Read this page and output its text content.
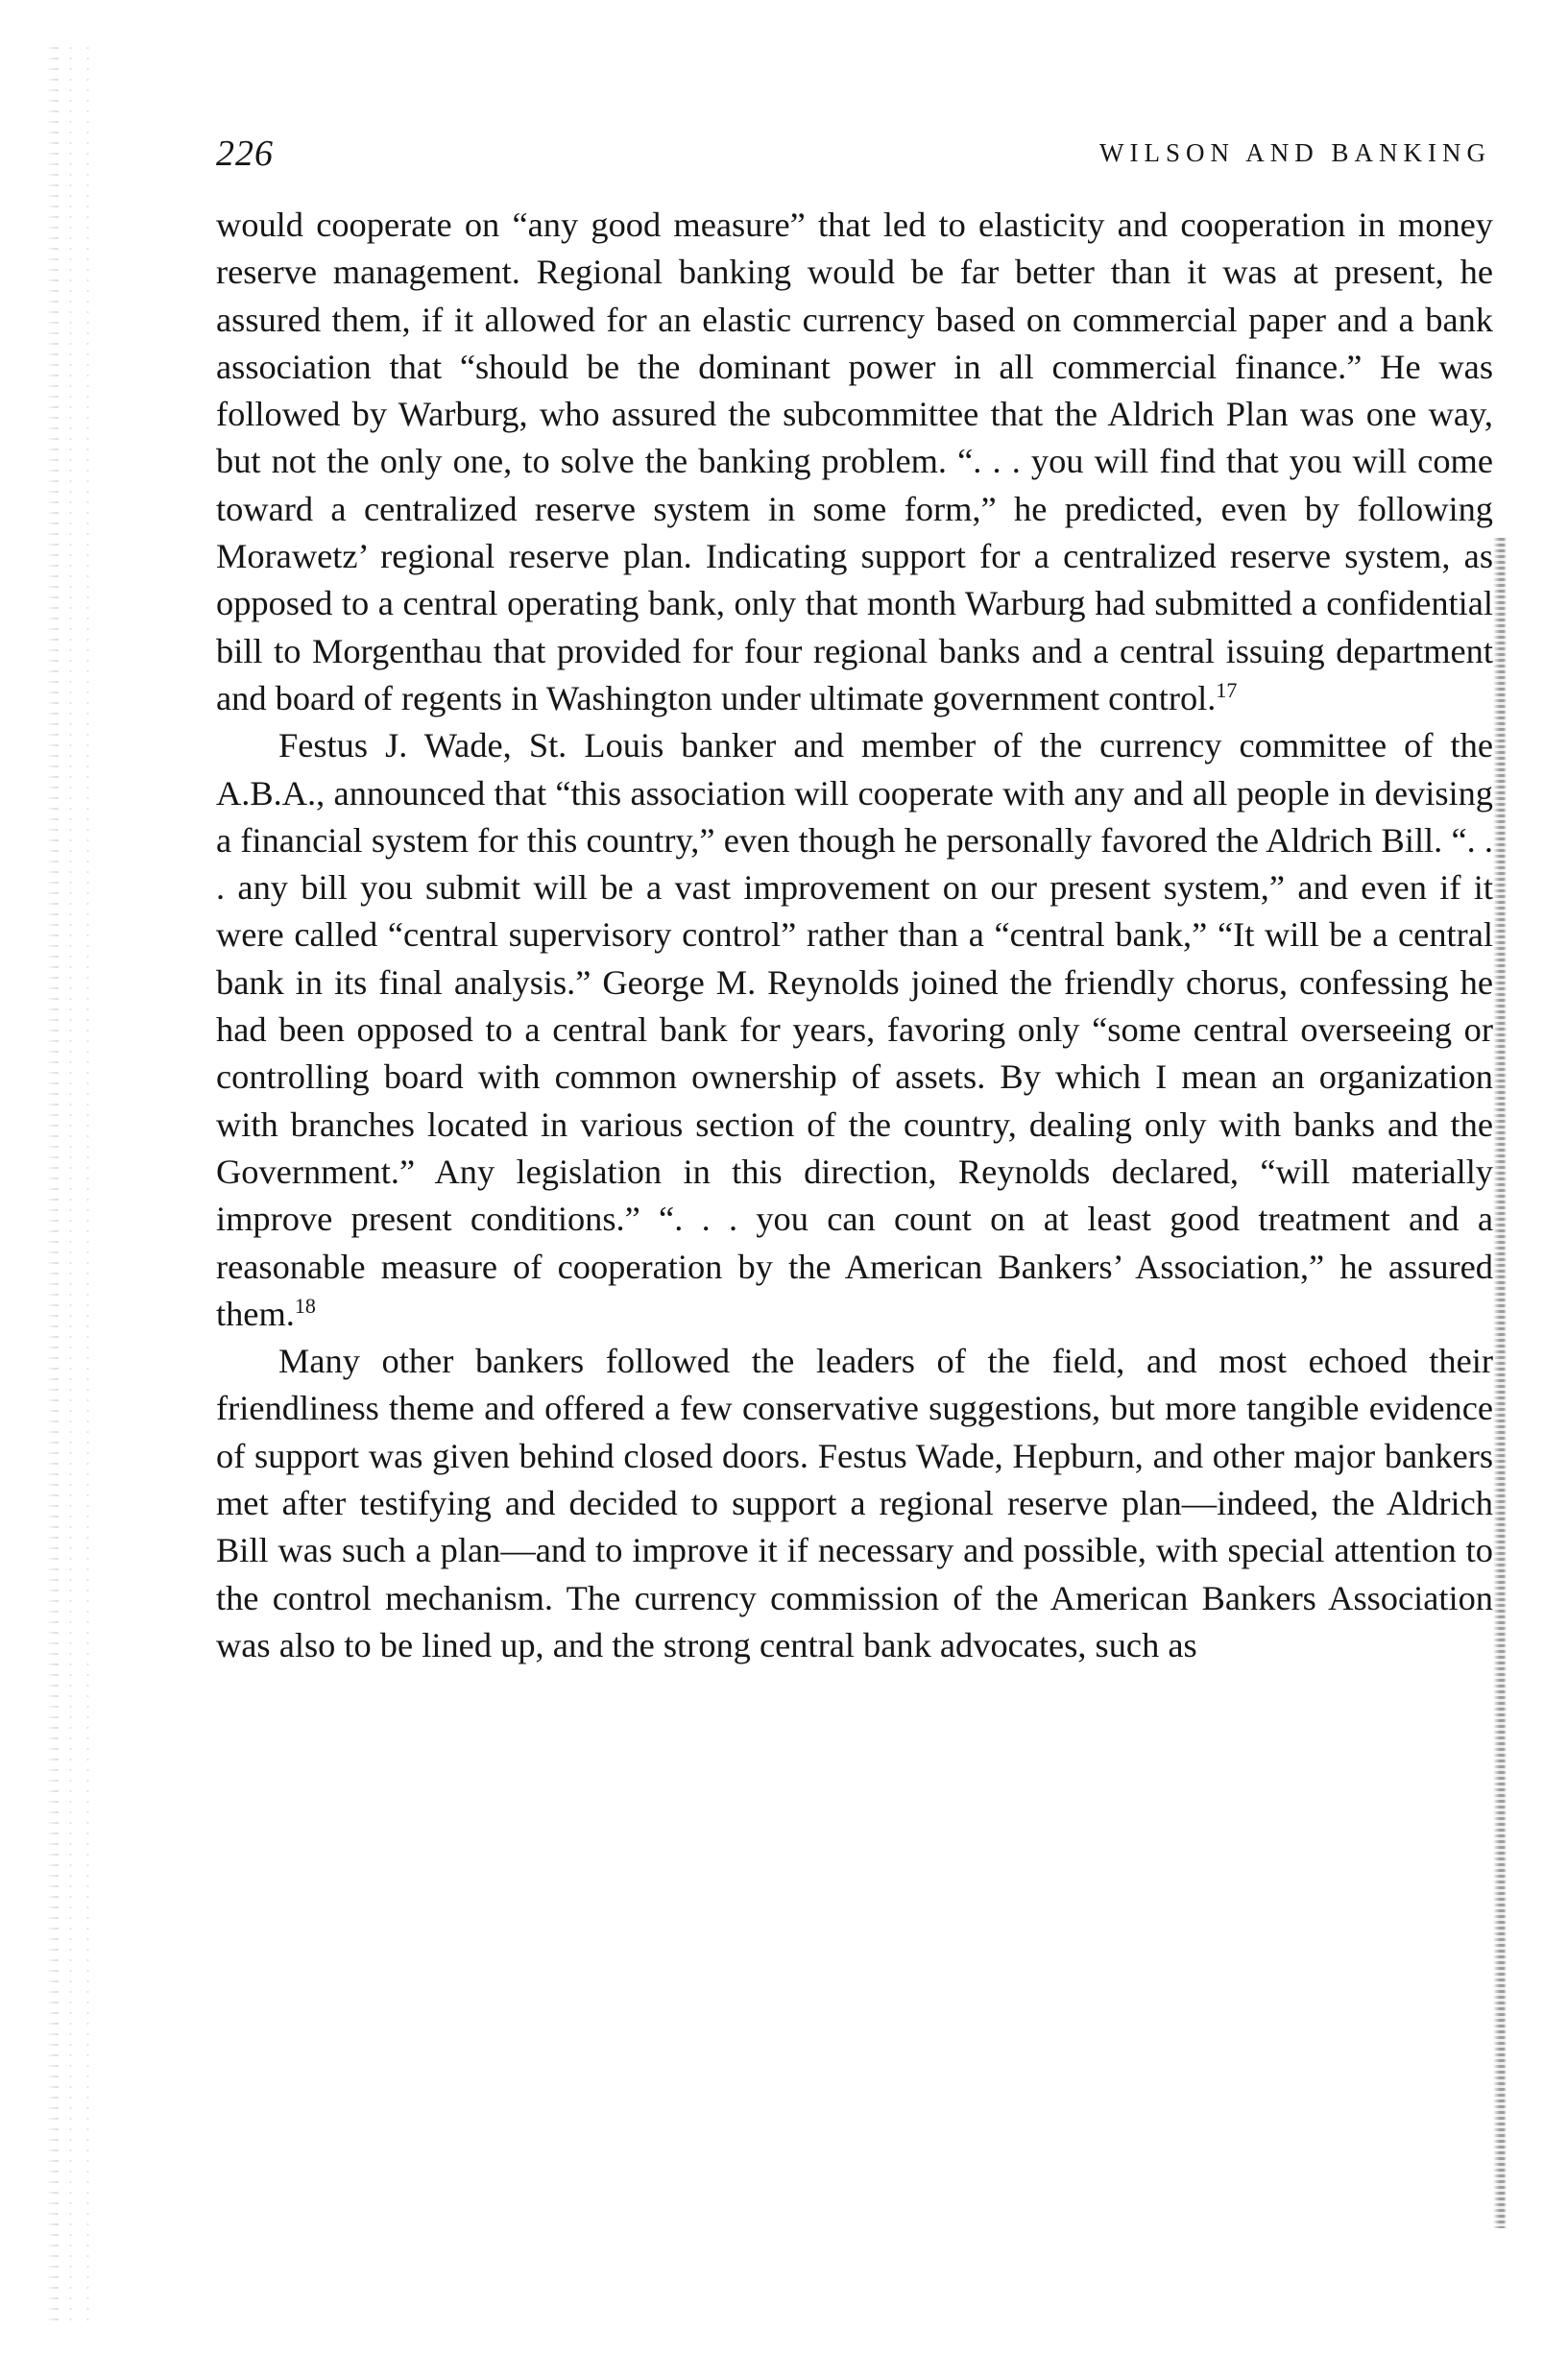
226	WILSON AND BANKING

would cooperate on “any good measure” that led to elasticity and cooperation in money reserve management. Regional banking would be far better than it was at present, he assured them, if it allowed for an elastic currency based on commercial paper and a bank association that “should be the dominant power in all commercial finance.” He was followed by Warburg, who assured the subcommittee that the Aldrich Plan was one way, but not the only one, to solve the banking problem. “. . . you will find that you will come toward a centralized reserve system in some form,” he predicted, even by following Morawetz’ regional reserve plan. Indicating support for a centralized reserve system, as opposed to a central operating bank, only that month Warburg had submitted a confidential bill to Morgenthau that provided for four regional banks and a central issuing department and board of regents in Washington under ultimate government control.$^{17}$

Festus J. Wade, St. Louis banker and member of the currency committee of the A.B.A., announced that “this association will cooperate with any and all people in devising a financial system for this country,” even though he personally favored the Aldrich Bill. “. . . any bill you submit will be a vast improvement on our present system,” and even if it were called “central supervisory control” rather than a “central bank,” “It will be a central bank in its final analysis.” George M. Reynolds joined the friendly chorus, confessing he had been opposed to a central bank for years, favoring only “some central overseeing or controlling board with common ownership of assets. By which I mean an organization with branches located in various section of the country, dealing only with banks and the Government.” Any legislation in this direction, Reynolds declared, “will materially improve present conditions.” “. . . you can count on at least good treatment and a reasonable measure of cooperation by the American Bankers’ Association,” he assured them.$^{18}$

Many other bankers followed the leaders of the field, and most echoed their friendliness theme and offered a few conservative suggestions, but more tangible evidence of support was given behind closed doors. Festus Wade, Hepburn, and other major bankers met after testifying and decided to support a regional reserve plan—indeed, the Aldrich Bill was such a plan—and to improve it if necessary and possible, with special attention to the control mechanism. The currency commission of the American Bankers Association was also to be lined up, and the strong central bank advocates, such as
